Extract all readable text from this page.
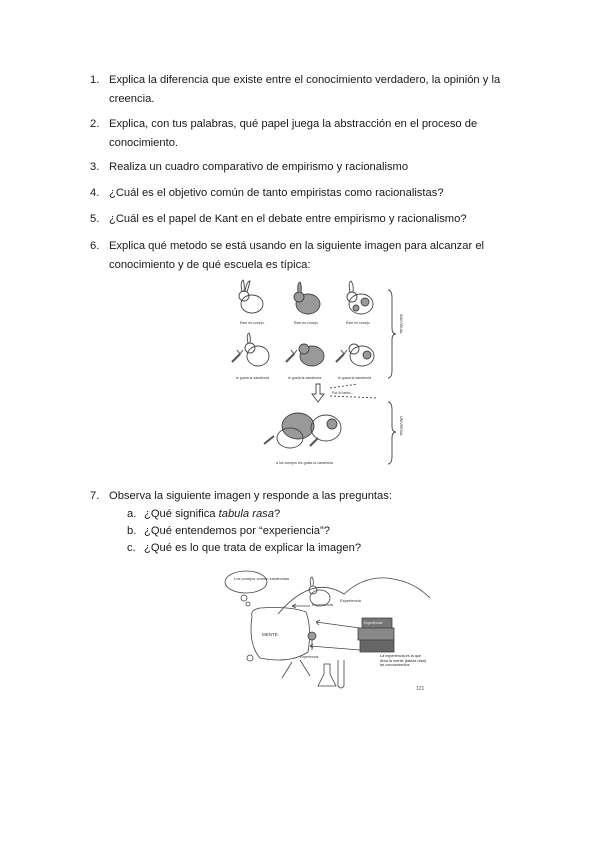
1. Explica la diferencia que existe entre el conocimiento verdadero, la opinión y la creencia.
2. Explica, con tus palabras, qué papel juega la abstracción en el proceso de conocimiento.
3. Realiza un cuadro comparativo de empirismo y racionalismo
4. ¿Cuál es el objetivo común de tanto empiristas como racionalistas?
5. ¿Cuál es el papel de Kant en el debate entre empirismo y racionalismo?
6. Explica qué metodo se está usando en la siguiente imagen para alcanzar el conocimiento y de qué escuela es típica:
Éste es conejo.	Éste es conejo.	Éste es conejo.
le gusta la zanahoria	le gusta la zanahoria	le gusta la zanahoria
Por lo tanto...
a los conejos les gusta la zanahoria
INDIVIDUAL
UNIVERSAL
7. Observa la siguiente imagen y responde a las preguntas:
a. ¿Qué significa tabula rasa?
b. ¿Qué entendemos por “experiencia”?
c. ¿Qué es lo que trata de explicar la imagen?
Los conejos comen zanahorias
MENTE
Experiencia
Experiencia
Experiencia
Experiencia	La experiencia es la que llena la mente (tabula rasa) de conocimientos
121
